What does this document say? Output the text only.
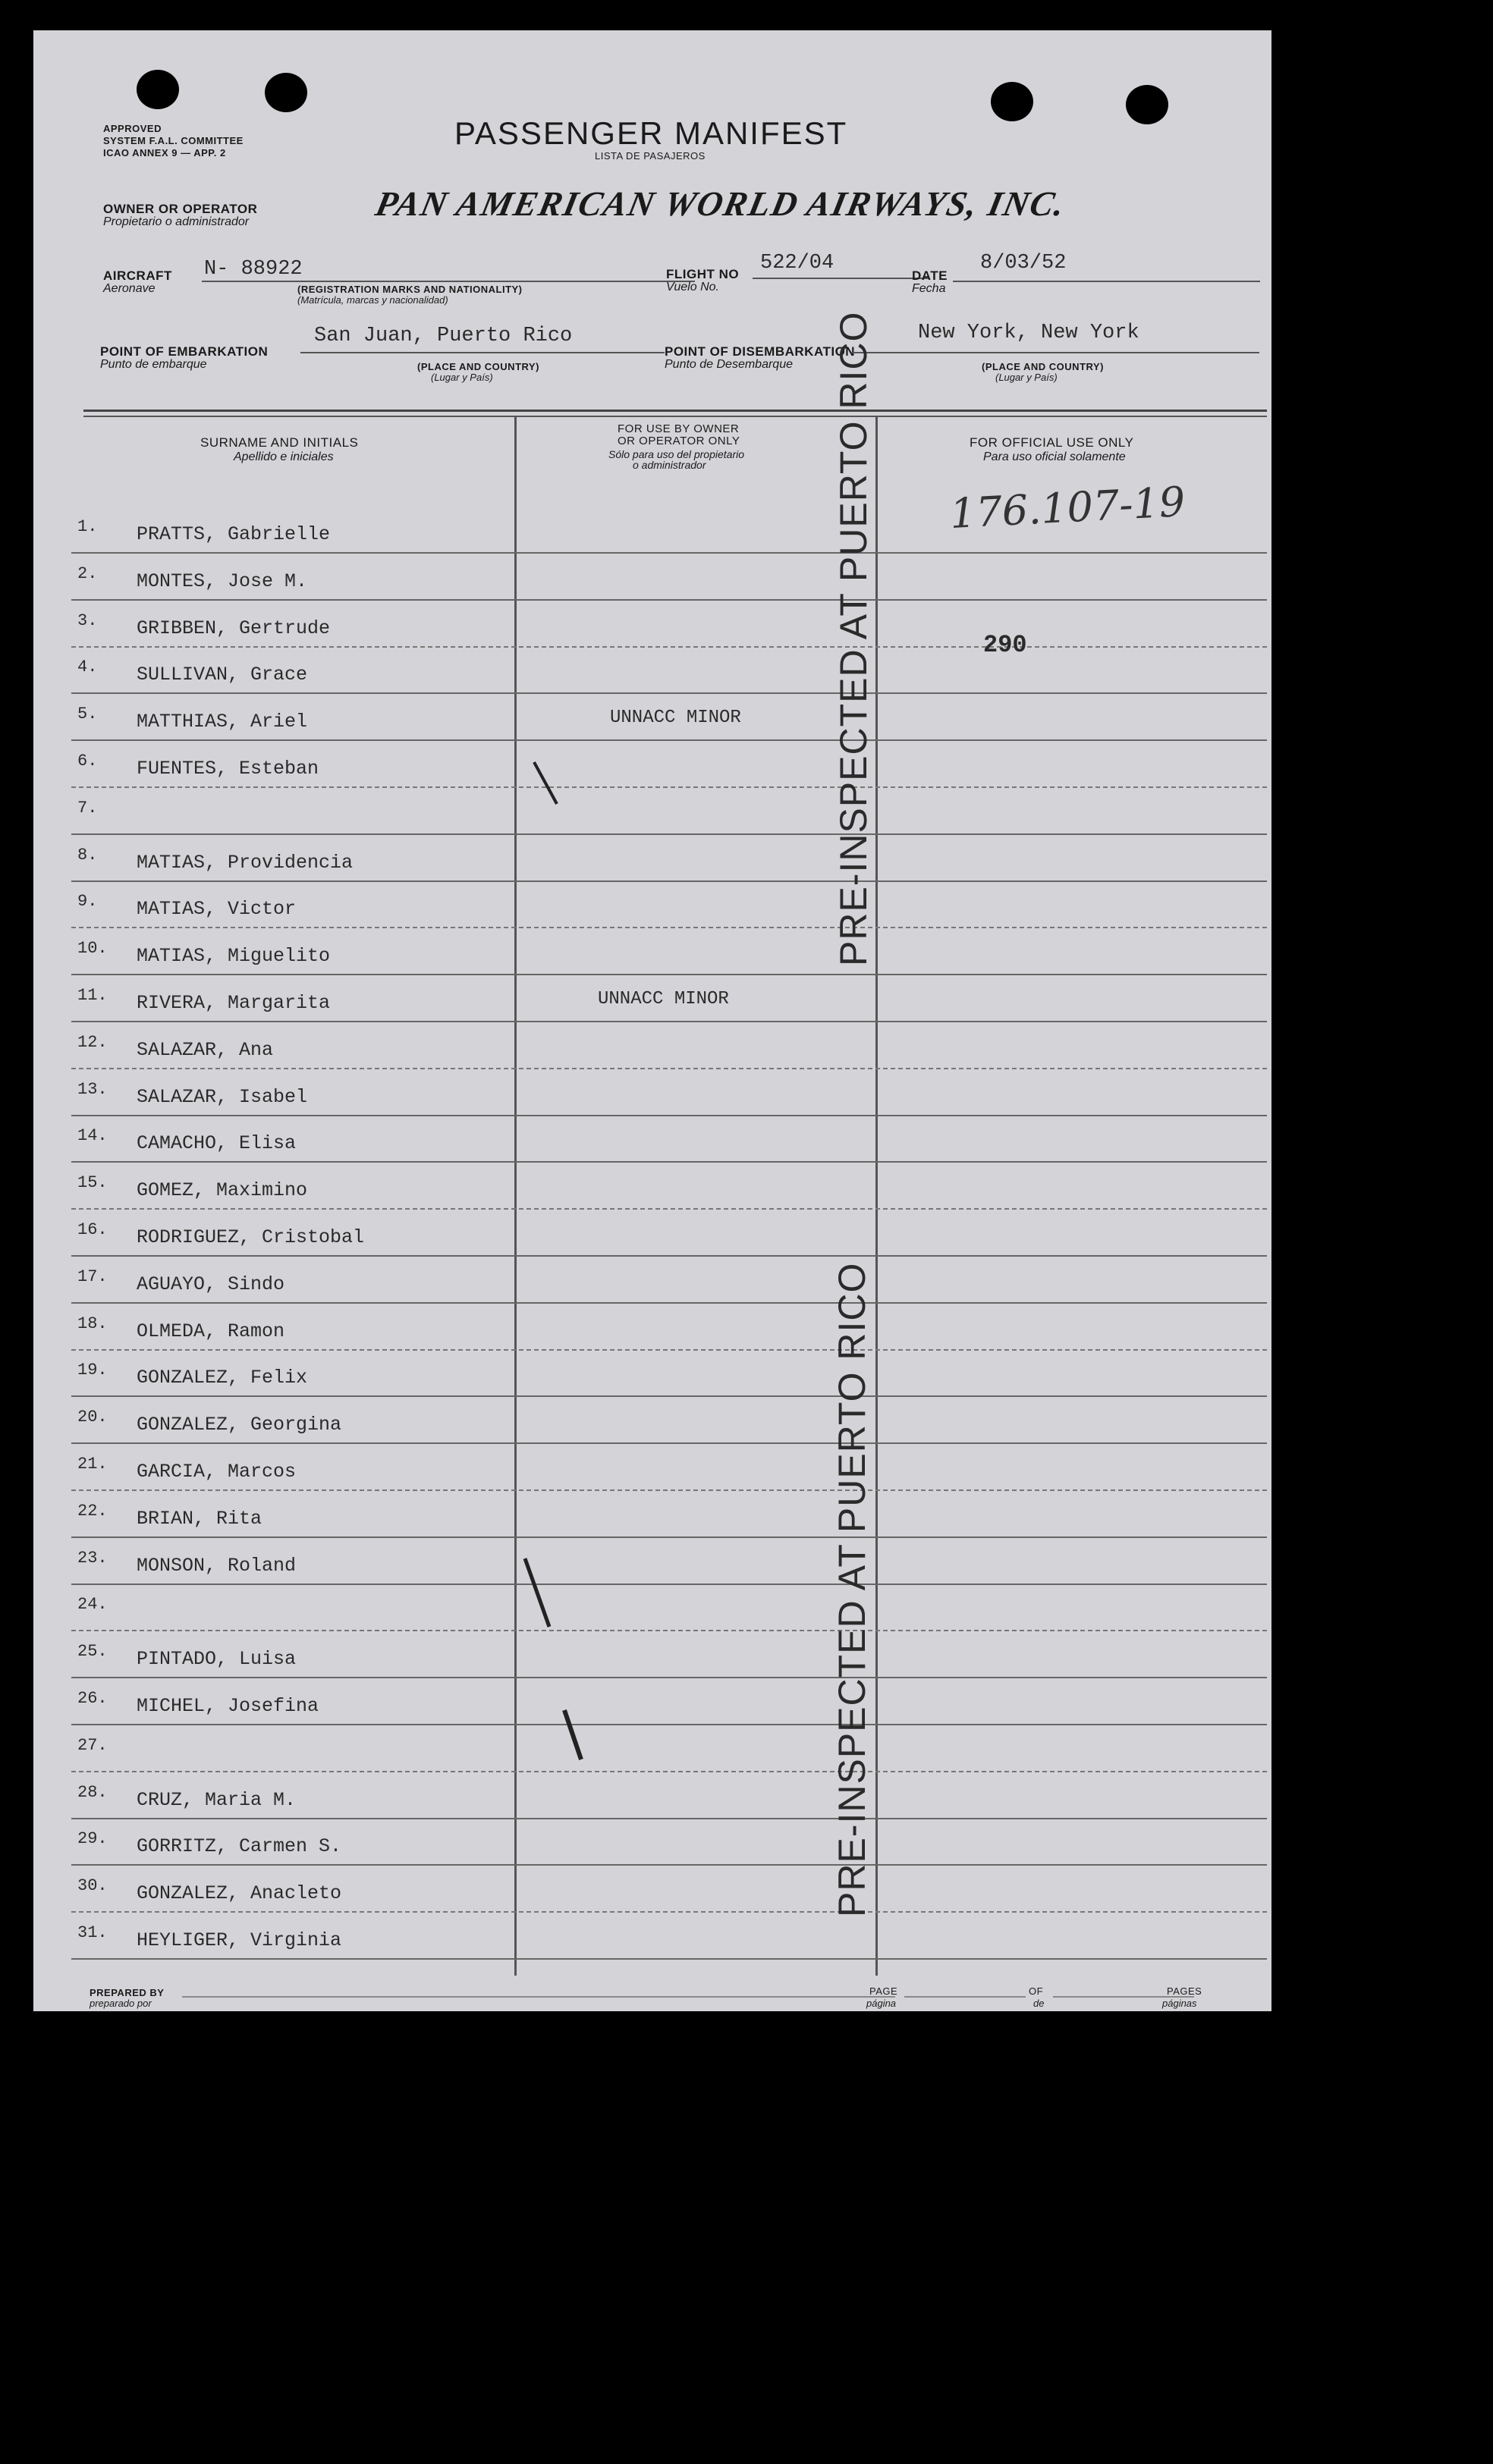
APPROVED
SYSTEM F.A.L. COMMITTEE
ICAO ANNEX 9 — APP. 2
PASSENGER MANIFEST
LISTA DE PASAJEROS
OWNER OR OPERATOR
Propietario o administrador	PAN AMERICAN WORLD AIRWAYS, INC.
AIRCRAFT
Aeronave
N- 88922
(REGISTRATION MARKS AND NATIONALITY)
(Matrícula, marcas y nacionalidad)
FLIGHT NO
Vuelo No.
522/04
DATE
Fecha
8/03/52
San Juan, Puerto Rico
POINT OF EMBARKATION
Punto de embarque	(PLACE AND COUNTRY)
(Lugar y País)
New York, New York
POINT OF DISEMBARKATION
Punto de Desembarque	(PLACE AND COUNTRY)
(Lugar y País)
SURNAME AND INITIALS
Apellido e iniciales
FOR USE BY OWNER
OR OPERATOR ONLY
Sólo para uso del propietario
o administrador
FOR OFFICIAL USE ONLY
Para uso oficial solamente
1. PRATTS, Gabrielle
2. MONTES, Jose M.
3. GRIBBEN, Gertrude
4. SULLIVAN, Grace
5. MATTHIAS, Ariel	UNNACC MINOR
6. FUENTES, Esteban
7.
8. MATIAS, Providencia
9. MATIAS, Victor
10. MATIAS, Miguelito
11. RIVERA, Margarita	UNNACC MINOR
12. SALAZAR, Ana
13. SALAZAR, Isabel
14. CAMACHO, Elisa
15. GOMEZ, Maximino
16. RODRIGUEZ, Cristobal
17. AGUAYO, Sindo
18. OLMEDA, Ramon
19. GONZALEZ, Felix
20. GONZALEZ, Georgina
21. GARCIA, Marcos
22. BRIAN, Rita
23. MONSON, Roland
24.
25. PINTADO, Luisa
26. MICHEL, Josefina
27.
28. CRUZ, Maria M.
29. GORRITZ, Carmen S.
30. GONZALEZ, Anacleto
31. HEYLIGER, Virginia
PRE-INSPECTED AT PUERTO RICO
PRE-INSPECTED AT PUERTO RICO
176.107-19
290
PREPARED BY
preparado por
PAGE
página
OF
de
PAGES
páginas
